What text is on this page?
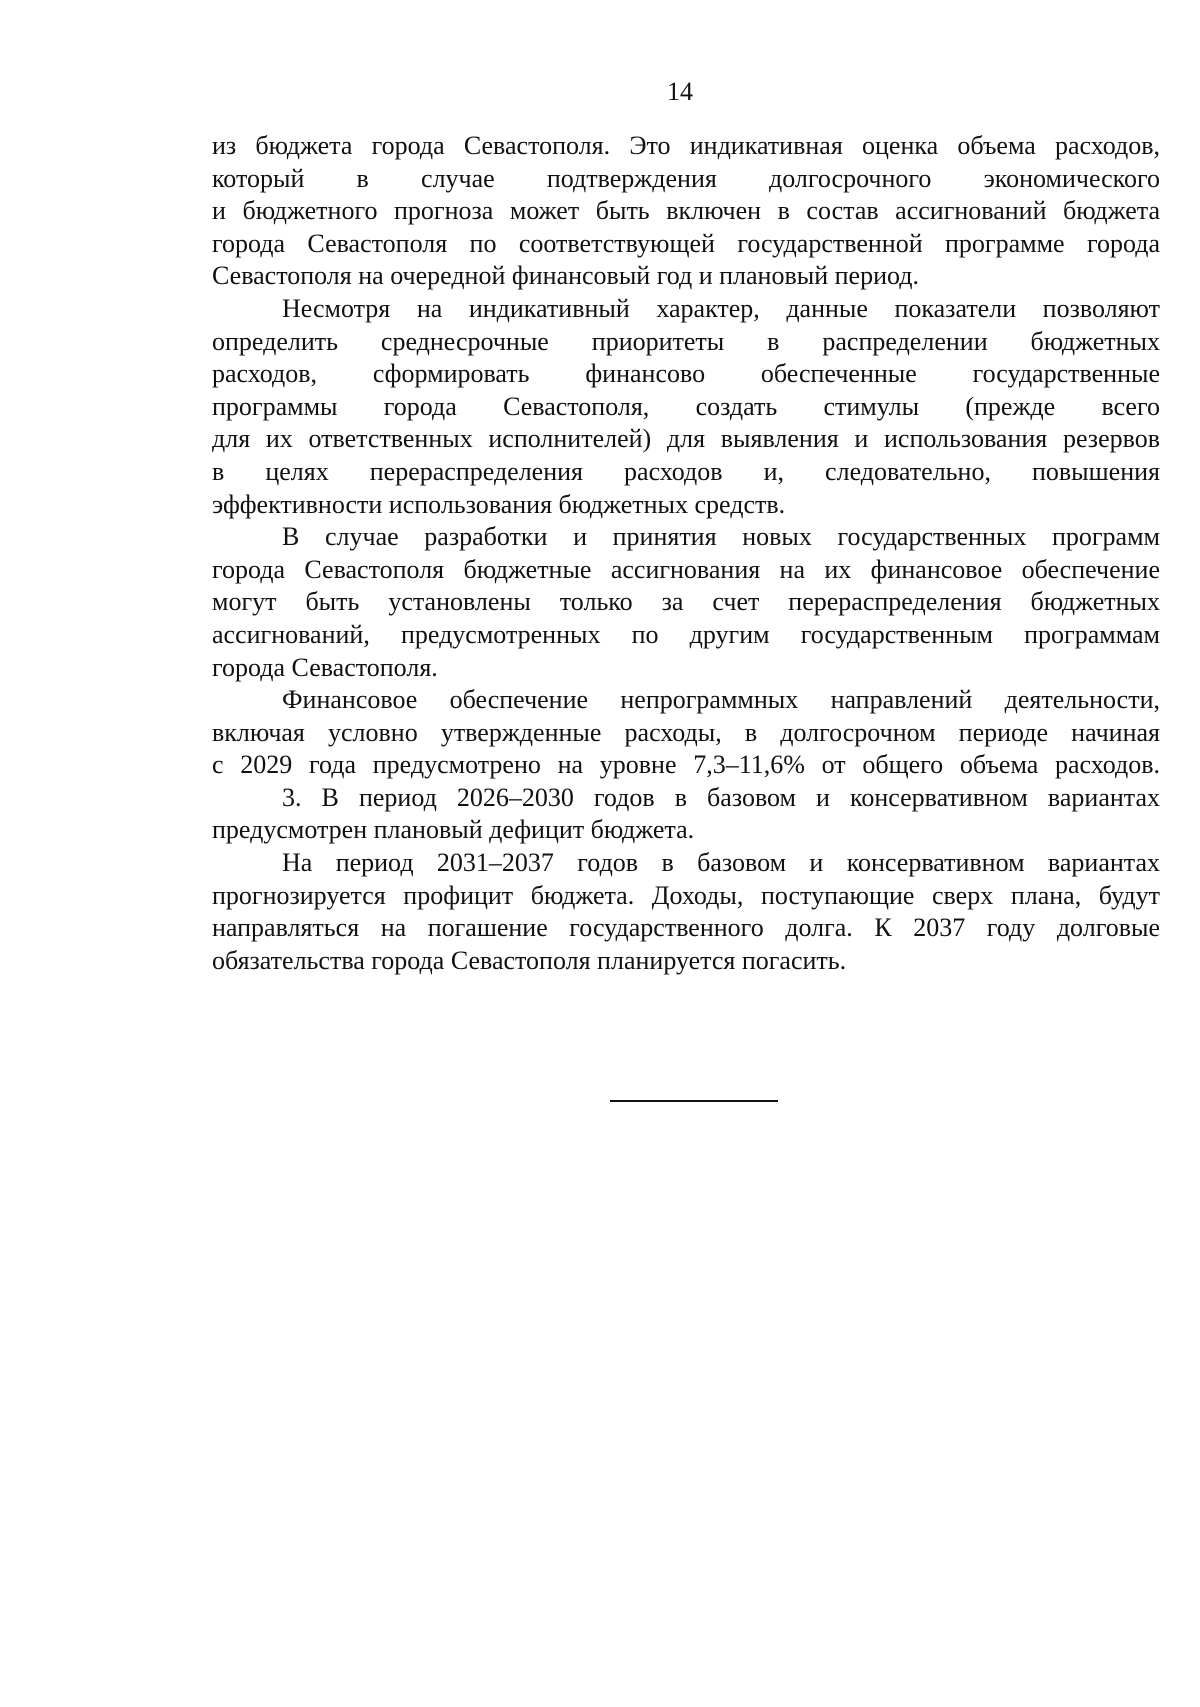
14
из бюджета города Севастополя. Это индикативная оценка объема расходов,
который в случае подтверждения долгосрочного экономического
и бюджетного прогноза может быть включен в состав ассигнований бюджета
города Севастополя по соответствующей государственной программе города
Севастополя на очередной финансовый год и плановый период.
Несмотря на индикативный характер, данные показатели позволяют
определить среднесрочные приоритеты в распределении бюджетных
расходов, сформировать финансово обеспеченные государственные
программы города Севастополя, создать стимулы (прежде всего
для их ответственных исполнителей) для выявления и использования резервов
в целях перераспределения расходов и, следовательно, повышения
эффективности использования бюджетных средств.
В случае разработки и принятия новых государственных программ
города Севастополя бюджетные ассигнования на их финансовое обеспечение
могут быть установлены только за счет перераспределения бюджетных
ассигнований, предусмотренных по другим государственным программам
города Севастополя.
Финансовое обеспечение непрограммных направлений деятельности,
включая условно утвержденные расходы, в долгосрочном периоде начиная
с 2029 года предусмотрено на уровне 7,3–11,6% от общего объема расходов.
3. В период 2026–2030 годов в базовом и консервативном вариантах
предусмотрен плановый дефицит бюджета.
На период 2031–2037 годов в базовом и консервативном вариантах
прогнозируется профицит бюджета. Доходы, поступающие сверх плана, будут
направляться на погашение государственного долга. К 2037 году долговые
обязательства города Севастополя планируется погасить.
